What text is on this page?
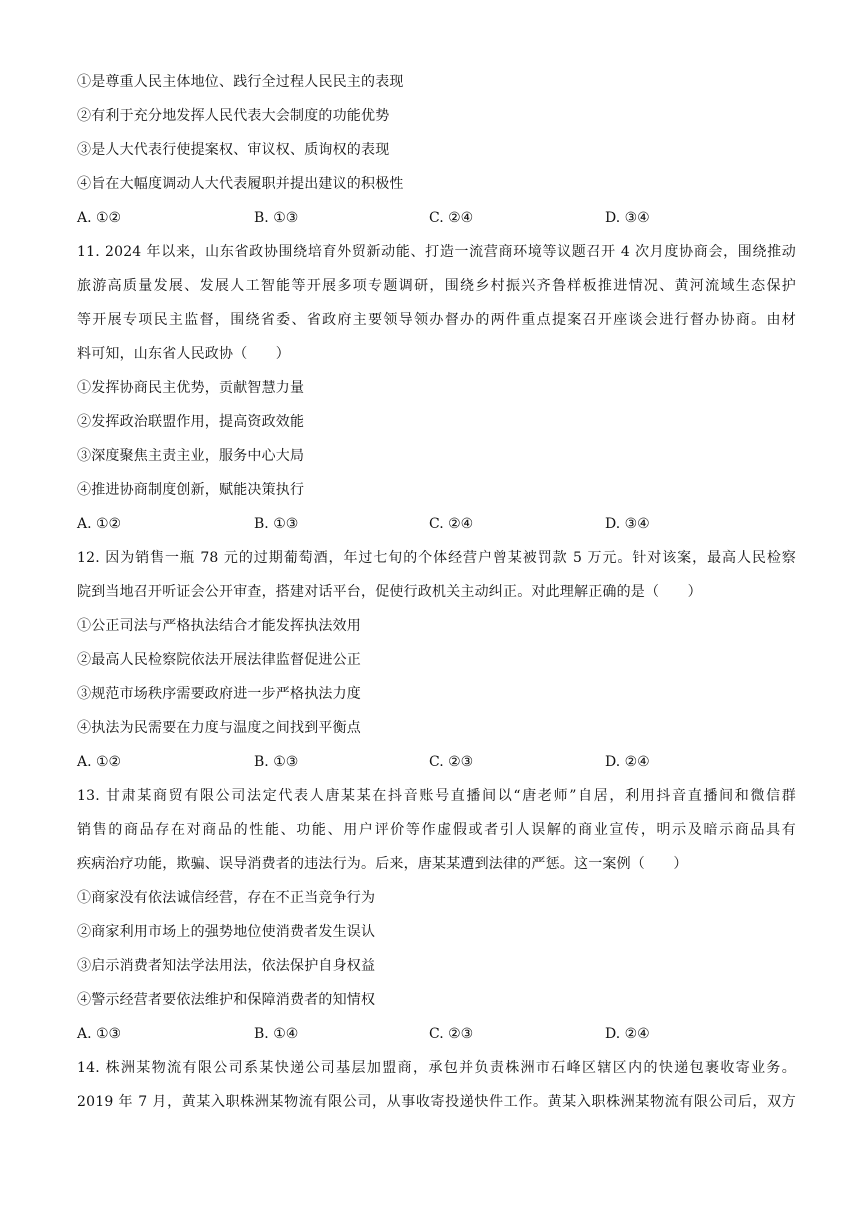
①是尊重人民主体地位、践行全过程人民民主的表现
②有利于充分地发挥人民代表大会制度的功能优势
③是人大代表行使提案权、审议权、质询权的表现
④旨在大幅度调动人大代表履职并提出建议的积极性
A. ①②	B. ①③	C. ②④	D. ③④
11. 2024 年以来，山东省政协围绕培育外贸新动能、打造一流营商环境等议题召开 4 次月度协商会，围绕推动
旅游高质量发展、发展人工智能等开展多项专题调研，围绕乡村振兴齐鲁样板推进情况、黄河流域生态保护
等开展专项民主监督，围绕省委、省政府主要领导领办督办的两件重点提案召开座谈会进行督办协商。由材
料可知，山东省人民政协（　　）
①发挥协商民主优势，贡献智慧力量
②发挥政治联盟作用，提高资政效能
③深度聚焦主责主业，服务中心大局
④推进协商制度创新，赋能决策执行
A. ①②	B. ①③	C. ②④	D. ③④
12. 因为销售一瓶 78 元的过期葡萄酒，年过七旬的个体经营户曾某被罚款 5 万元。针对该案，最高人民检察
院到当地召开听证会公开审查，搭建对话平台，促使行政机关主动纠正。对此理解正确的是（　　）
①公正司法与严格执法结合才能发挥执法效用
②最高人民检察院依法开展法律监督促进公正
③规范市场秩序需要政府进一步严格执法力度
④执法为民需要在力度与温度之间找到平衡点
A. ①②	B. ①③	C. ②③	D. ②④
13. 甘肃某商贸有限公司法定代表人唐某某在抖音账号直播间以“唐老师”自居，利用抖音直播间和微信群
销售的商品存在对商品的性能、功能、用户评价等作虚假或者引人误解的商业宣传，明示及暗示商品具有
疾病治疗功能，欺骗、误导消费者的违法行为。后来，唐某某遭到法律的严惩。这一案例（　　）
①商家没有依法诚信经营，存在不正当竞争行为
②商家利用市场上的强势地位使消费者发生误认
③启示消费者知法学法用法，依法保护自身权益
④警示经营者要依法维护和保障消费者的知情权
A. ①③	B. ①④	C. ②③	D. ②④
14. 株洲某物流有限公司系某快递公司基层加盟商，承包并负责株洲市石峰区辖区内的快递包裹收寄业务。
2019 年 7 月，黄某入职株洲某物流有限公司，从事收寄投递快件工作。黄某入职株洲某物流有限公司后，双方
